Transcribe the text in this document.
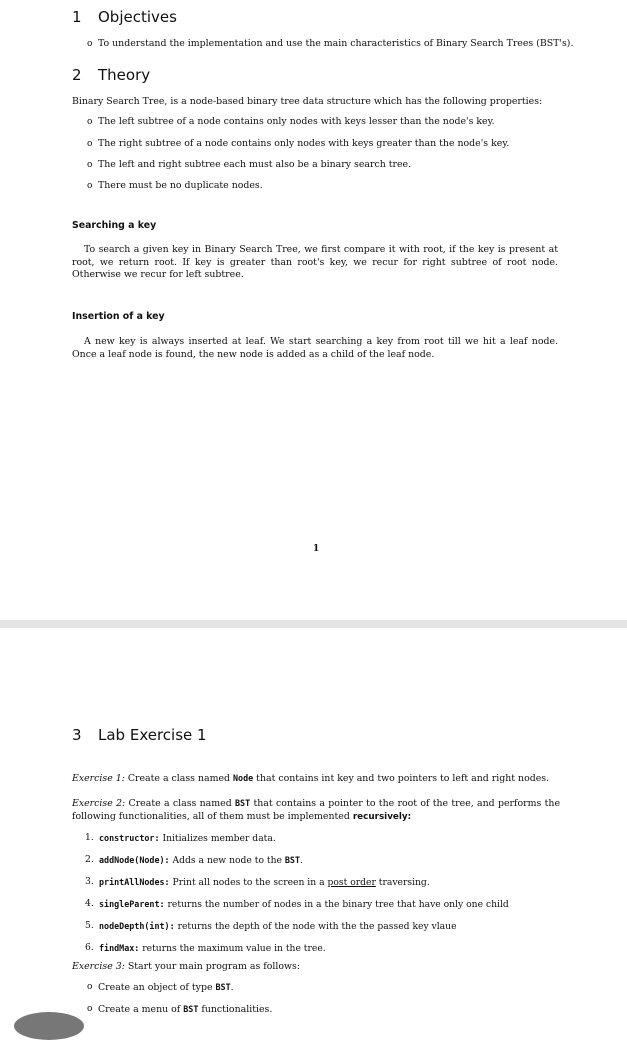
1 Objectives
o To understand the implementation and use the main characteristics of Binary Search Trees (BST's).
2 Theory

Binary Search Tree, is a node-based binary tree data structure which has the following properties:

o The left subtree of a node contains only nodes with keys lesser than the node's key.
o The right subtree of a node contains only nodes with keys greater than the node's key.
o The left and right subtree each must also be a binary search tree.
o There must be no duplicate nodes.
Searching a key

To search a given key in Binary Search Tree, we first compare it with root, if the key is present at root, we return root. If key is greater than root's key, we recur for right subtree of root node. Otherwise we recur for left subtree.

Insertion of a key

A new key is always inserted at leaf. We start searching a key from root till we hit a leaf node. Once a leaf node is found, the new node is added as a child of the leaf node.

1
3 Lab Exercise 1

Exercise 1: Create a class named Node that contains int key and two pointers to left and right nodes.

Exercise 2: Create a class named BST that contains a pointer to the root of the tree, and performs the following functionalities, all of them must be implemented recursively:

1. constructor: Initializes member data.
2. addNode(Node): Adds a new node to the BST.
3. printAllNodes: Print all nodes to the screen in a post order traversing.
4. singleParent: returns the number of nodes in a the binary tree that have only one child
5. nodeDepth(int): returns the depth of the node with the the passed key vlaue
6. findMax: returns the maximum value in the tree.

Exercise 3: Start your main program as follows:

o Create an object of type BST.
o Create a menu of BST functionalities.
